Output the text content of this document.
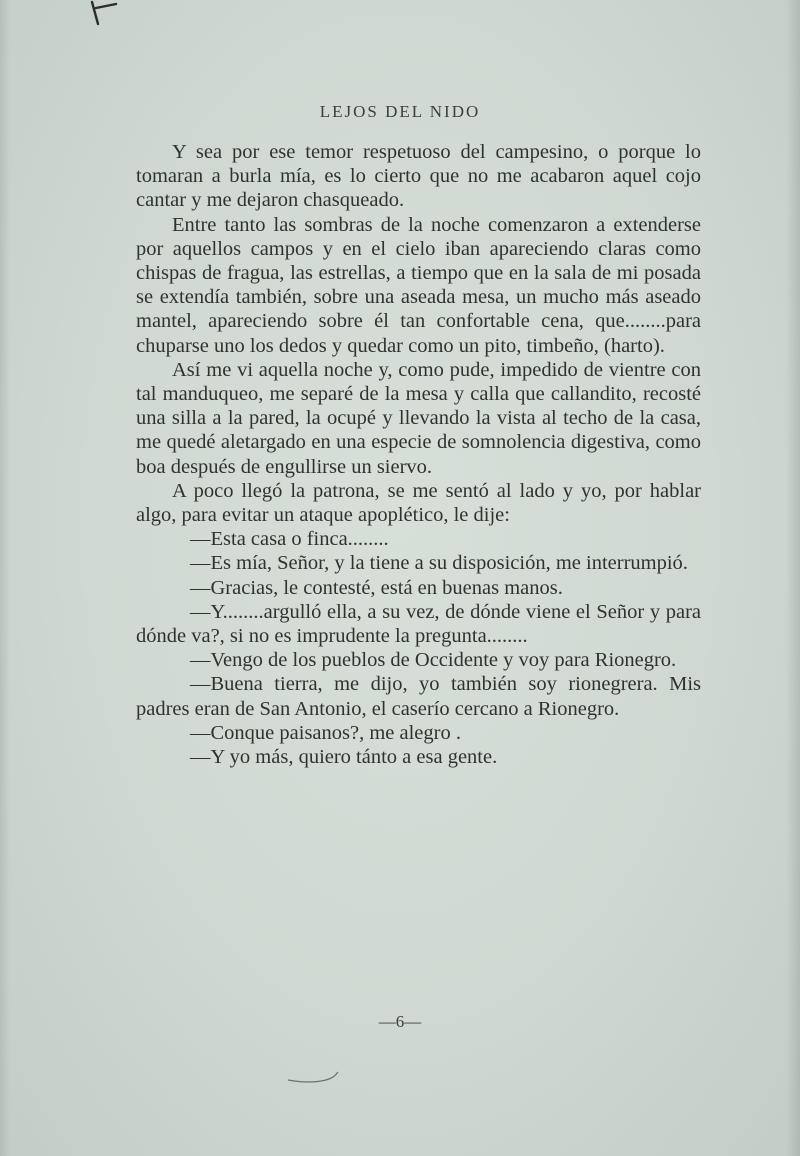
LEJOS DEL NIDO

Y sea por ese temor respetuoso del campesino, o porque lo tomaran a burla mía, es lo cierto que no me acabaron aquel cojo cantar y me dejaron chasqueado.

Entre tanto las sombras de la noche comenzaron a extenderse por aquellos campos y en el cielo iban apareciendo claras como chispas de fragua, las estrellas, a tiempo que en la sala de mi posada se extendía también, sobre una aseada mesa, un mucho más aseado mantel, apareciendo sobre él tan confortable cena, que........para chuparse uno los dedos y quedar como un pito, timbeño, (harto).

Así me vi aquella noche y, como pude, impedido de vientre con tal manduqueo, me separé de la mesa y calla que callandito, recosté una silla a la pared, la ocupé y llevando la vista al techo de la casa, me quedé aletargado en una especie de somnolencia digestiva, como boa después de engullirse un siervo.

A poco llegó la patrona, se me sentó al lado y yo, por hablar algo, para evitar un ataque apoplético, le dije:

—Esta casa o finca........

—Es mía, Señor, y la tiene a su disposición, me interrumpió.

—Gracias, le contesté, está en buenas manos.

—Y........argulló ella, a su vez, de dónde viene el Señor y para dónde va?, si no es imprudente la pregunta........

—Vengo de los pueblos de Occidente y voy para Rionegro.

—Buena tierra, me dijo, yo también soy rionegrera. Mis padres eran de San Antonio, el caserío cercano a Rionegro.

—Conque paisanos?, me alegro .

—Y yo más, quiero tánto a esa gente.

—6—
